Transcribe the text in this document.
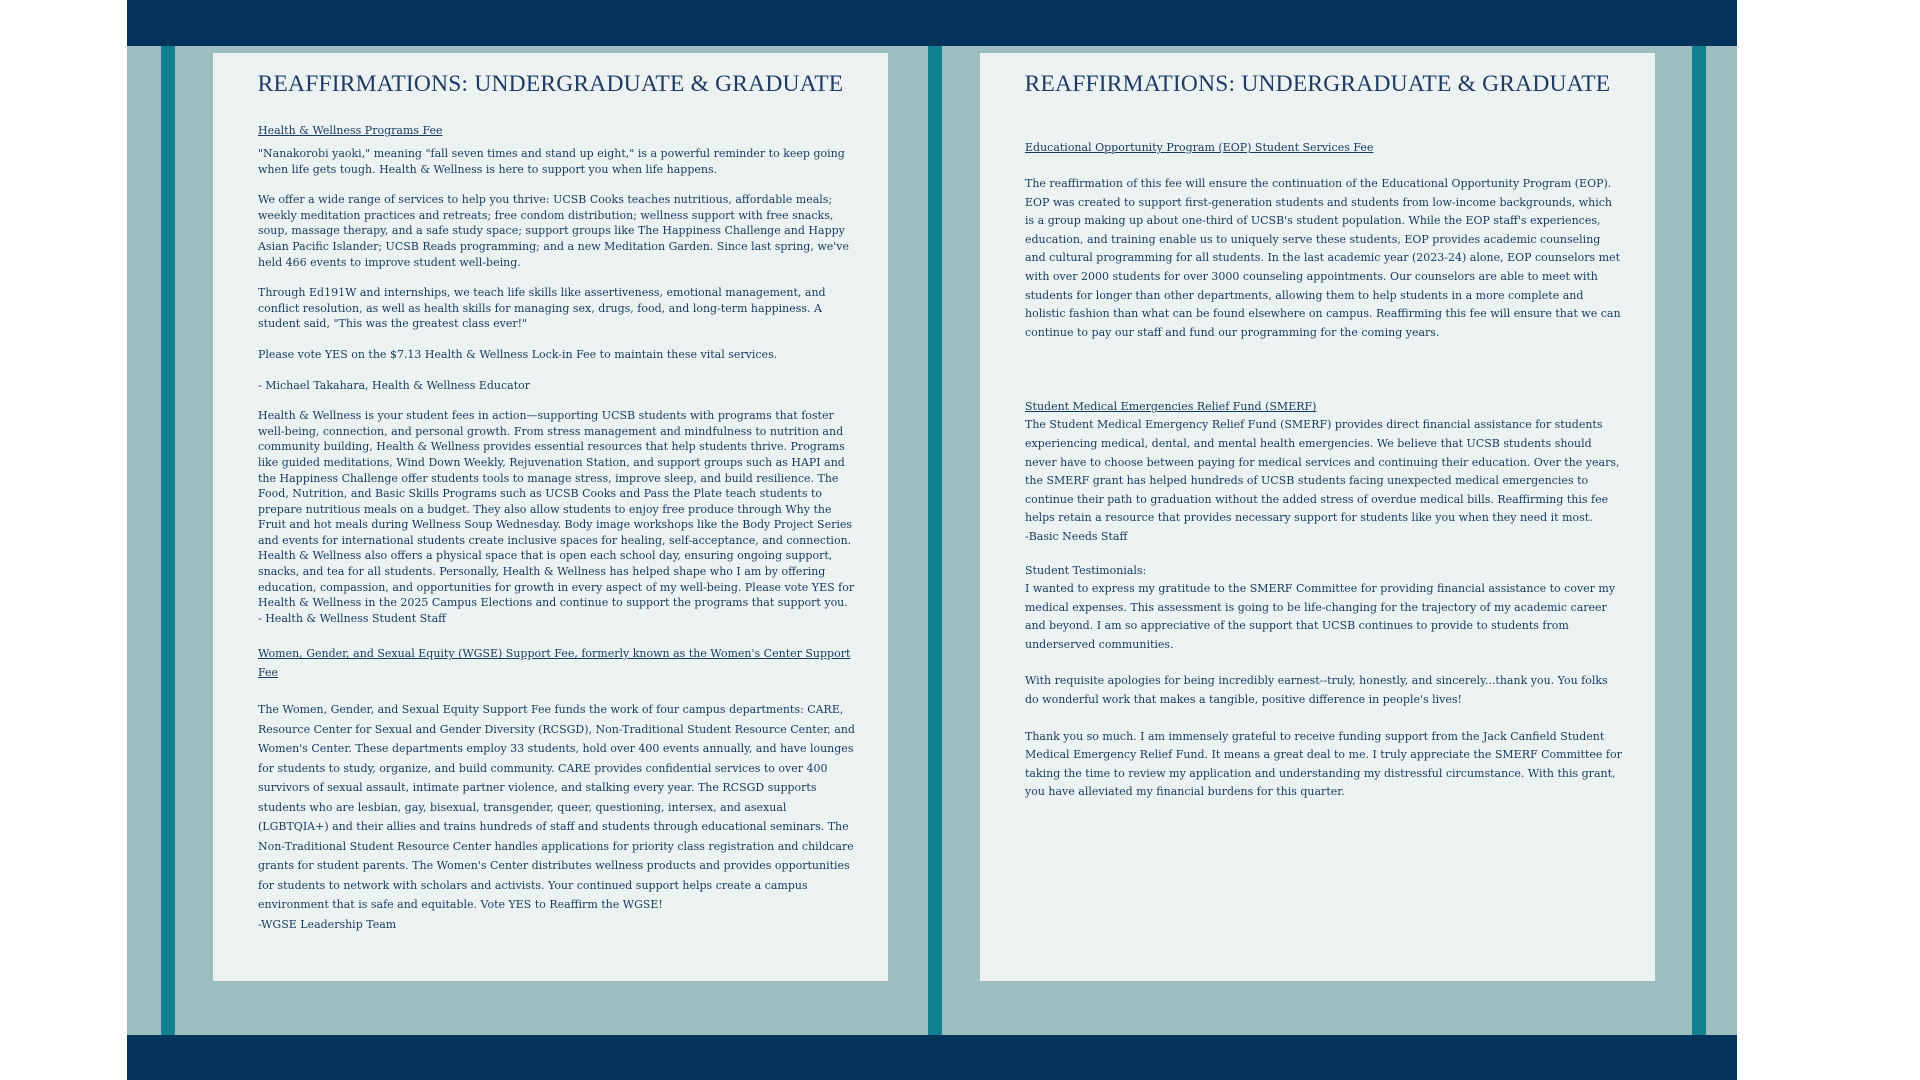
REAFFIRMATIONS: UNDERGRADUATE & GRADUATE
Health & Wellness Programs Fee

"Nanakorobi yaoki," meaning "fall seven times and stand up eight," is a powerful reminder to keep going when life gets tough. Health & Wellness is here to support you when life happens.

We offer a wide range of services to help you thrive: UCSB Cooks teaches nutritious, affordable meals; weekly meditation practices and retreats; free condom distribution; wellness support with free snacks, soup, massage therapy, and a safe study space; support groups like The Happiness Challenge and Happy Asian Pacific Islander; UCSB Reads programming; and a new Meditation Garden. Since last spring, we've held 466 events to improve student well-being.

Through Ed191W and internships, we teach life skills like assertiveness, emotional management, and conflict resolution, as well as health skills for managing sex, drugs, food, and long-term happiness. A student said, "This was the greatest class ever!"

Please vote YES on the $7.13 Health & Wellness Lock-in Fee to maintain these vital services.

- Michael Takahara, Health & Wellness Educator

Health & Wellness is your student fees in action—supporting UCSB students with programs that foster well-being, connection, and personal growth. From stress management and mindfulness to nutrition and community building, Health & Wellness provides essential resources that help students thrive. Programs like guided meditations, Wind Down Weekly, Rejuvenation Station, and support groups such as HAPI and the Happiness Challenge offer students tools to manage stress, improve sleep, and build resilience. The Food, Nutrition, and Basic Skills Programs such as UCSB Cooks and Pass the Plate teach students to prepare nutritious meals on a budget. They also allow students to enjoy free produce through Why the Fruit and hot meals during Wellness Soup Wednesday. Body image workshops like the Body Project Series and events for international students create inclusive spaces for healing, self-acceptance, and connection. Health & Wellness also offers a physical space that is open each school day, ensuring ongoing support, snacks, and tea for all students. Personally, Health & Wellness has helped shape who I am by offering education, compassion, and opportunities for growth in every aspect of my well-being. Please vote YES for Health & Wellness in the 2025 Campus Elections and continue to support the programs that support you.

- Health & Wellness Student Staff

Women, Gender, and Sexual Equity (WGSE) Support Fee, formerly known as the Women's Center Support Fee

The Women, Gender, and Sexual Equity Support Fee funds the work of four campus departments: CARE, Resource Center for Sexual and Gender Diversity (RCSGD), Non-Traditional Student Resource Center, and Women's Center. These departments employ 33 students, hold over 400 events annually, and have lounges for students to study, organize, and build community. CARE provides confidential services to over 400 survivors of sexual assault, intimate partner violence, and stalking every year. The RCSGD supports students who are lesbian, gay, bisexual, transgender, queer, questioning, intersex, and asexual (LGBTQIA+) and their allies and trains hundreds of staff and students through educational seminars. The Non-Traditional Student Resource Center handles applications for priority class registration and childcare grants for student parents. The Women's Center distributes wellness products and provides opportunities for students to network with scholars and activists. Your continued support helps create a campus environment that is safe and equitable. Vote YES to Reaffirm the WGSE!

-WGSE Leadership Team

REAFFIRMATIONS: UNDERGRADUATE & GRADUATE
Educational Opportunity Program (EOP) Student Services Fee

The reaffirmation of this fee will ensure the continuation of the Educational Opportunity Program (EOP). EOP was created to support first-generation students and students from low-income backgrounds, which is a group making up about one-third of UCSB's student population. While the EOP staff's experiences, education, and training enable us to uniquely serve these students, EOP provides academic counseling and cultural programming for all students. In the last academic year (2023-24) alone, EOP counselors met with over 2000 students for over 3000 counseling appointments. Our counselors are able to meet with students for longer than other departments, allowing them to help students in a more complete and holistic fashion than what can be found elsewhere on campus. Reaffirming this fee will ensure that we can continue to pay our staff and fund our programming for the coming years.

Student Medical Emergencies Relief Fund (SMERF)

The Student Medical Emergency Relief Fund (SMERF) provides direct financial assistance for students experiencing medical, dental, and mental health emergencies. We believe that UCSB students should never have to choose between paying for medical services and continuing their education. Over the years, the SMERF grant has helped hundreds of UCSB students facing unexpected medical emergencies to continue their path to graduation without the added stress of overdue medical bills. Reaffirming this fee helps retain a resource that provides necessary support for students like you when they need it most.

-Basic Needs Staff

Student Testimonials:

I wanted to express my gratitude to the SMERF Committee for providing financial assistance to cover my medical expenses. This assessment is going to be life-changing for the trajectory of my academic career and beyond. I am so appreciative of the support that UCSB continues to provide to students from underserved communities.

With requisite apologies for being incredibly earnest--truly, honestly, and sincerely...thank you. You folks do wonderful work that makes a tangible, positive difference in people's lives!

Thank you so much. I am immensely grateful to receive funding support from the Jack Canfield Student Medical Emergency Relief Fund. It means a great deal to me. I truly appreciate the SMERF Committee for taking the time to review my application and understanding my distressful circumstance. With this grant, you have alleviated my financial burdens for this quarter.
